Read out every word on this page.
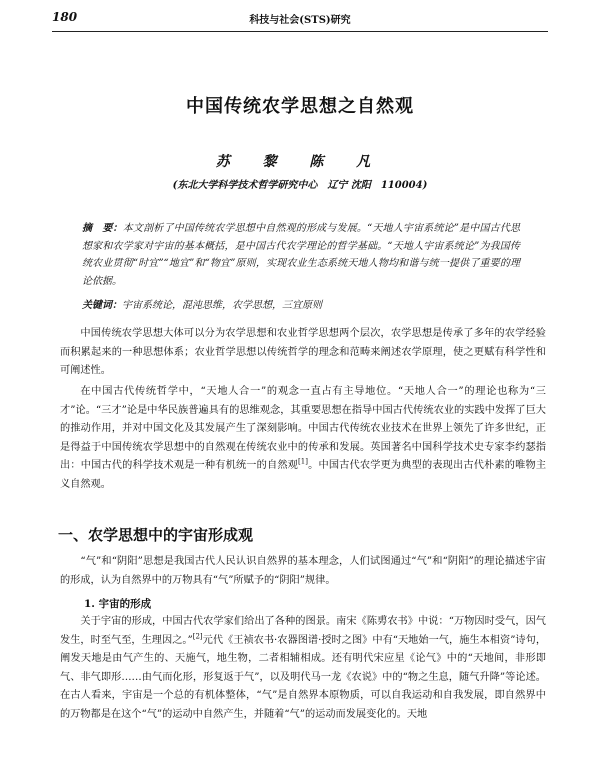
180	科技与社会(STS)研究
中国传统农学思想之自然观
苏 黎 陈 凡
(东北大学科学技术哲学研究中心　辽宁 沈阳　110004)
摘　要：本文剖析了中国传统农学思想中自然观的形成与发展。“天地人宇宙系统论”是中国古代思想家和农学家对宇宙的基本概括，是中国古代农学理论的哲学基础。“天地人宇宙系统论”为我国传统农业贯彻“时宜”“地宜”和“物宜”原则，实现农业生态系统天地人物均和谐与统一提供了重要的理论依据。
关键词：宇宙系统论，混沌思维，农学思想，三宜原则
中国传统农学思想大体可以分为农学思想和农业哲学思想两个层次，农学思想是传承了多年的农学经验而积累起来的一种思想体系；农业哲学思想以传统哲学的理念和范畴来阐述农学原理，使之更赋有科学性和可阐述性。
在中国古代传统哲学中，“天地人合一”的观念一直占有主导地位。“天地人合一”的理论也称为“三才”论。“三才”论是中华民族普遍具有的思维观念，其重要思想在指导中国古代传统农业的实践中发挥了巨大的推动作用，并对中国文化及其发展产生了深刻影响。中国古代传统农业技术在世界上领先了许多世纪，正是得益于中国传统农学思想中的自然观在传统农业中的传承和发展。英国著名中国科学技术史专家李约瑟指出：中国古代的科学技术观是一种有机统一的自然观[1]。中国古代农学更为典型的表现出古代朴素的唯物主义自然观。
一、农学思想中的宇宙形成观
“气”和“阴阳”思想是我国古代人民认识自然界的基本理念，人们试图通过“气”和“阴阳”的理论描述宇宙的形成，认为自然界中的万物具有“气”所赋予的“阴阳”规律。
1. 宇宙的形成
关于宇宙的形成，中国古代农学家们给出了各种的图景。南宋《陈旉农书》中说：“万物因时受气，因气发生，时至气至，生理因之。”[2]元代《王祯农书·农器图谱·授时之图》中有“天地始一气，施生本相资”诗句，阐发天地是由气产生的、天施气，地生物，二者相辅相成。还有明代宋应星《论气》中的“天地间，非形即气、非气即形……由气而化形，形复返于气”，以及明代马一龙《农说》中的“物之生息，随气升降”等论述。在古人看来，宇宙是一个总的有机体整体，“气”是自然界本原物质，可以自我运动和自我发展，即自然界中的万物都是在这个“气”的运动中自然产生，并随着“气”的运动而发展变化的。天地
